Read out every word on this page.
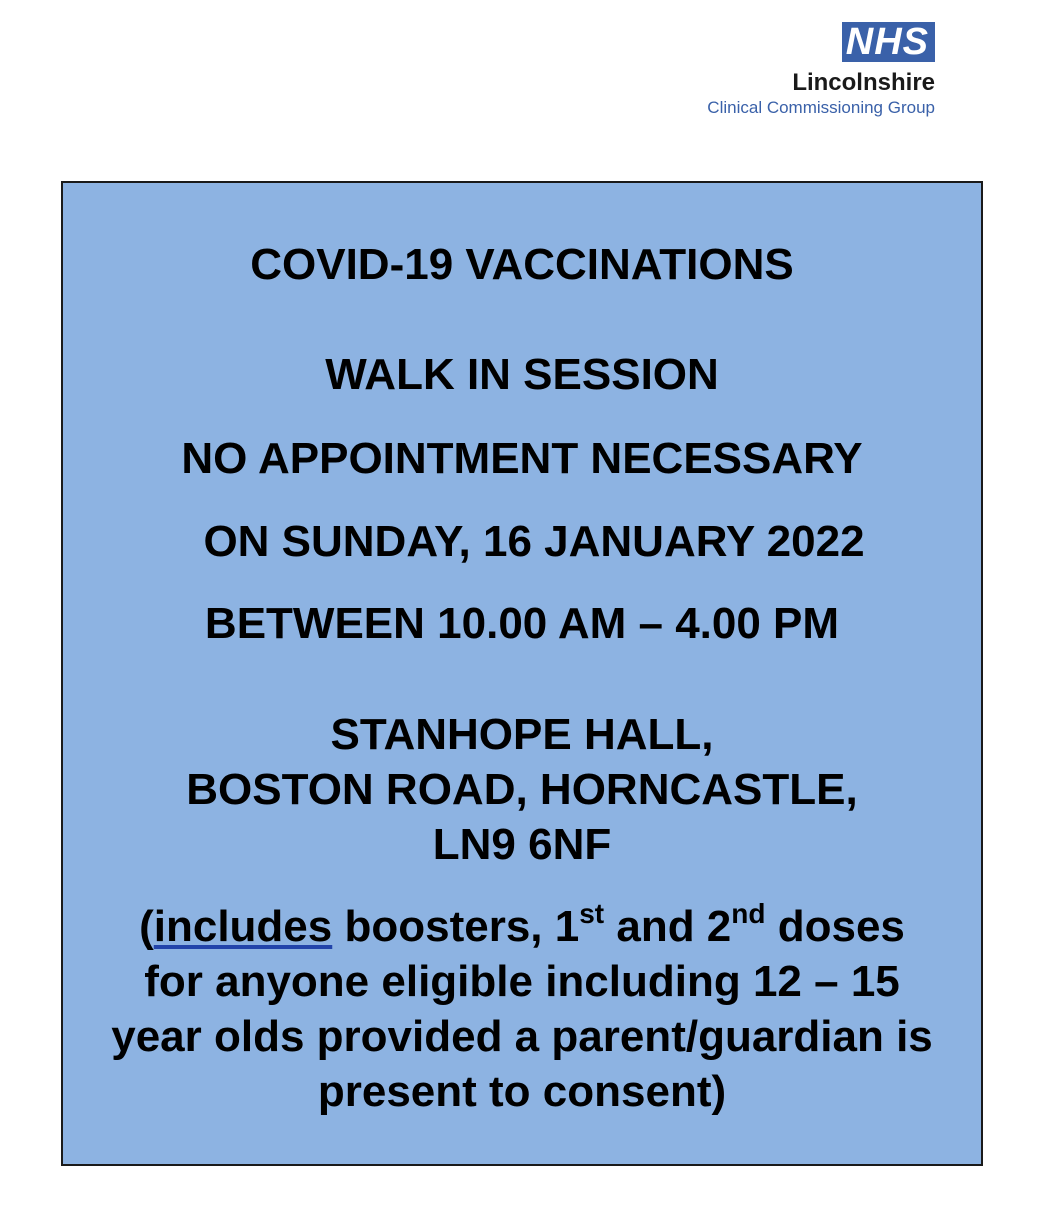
NHS
Lincolnshire
Clinical Commissioning Group
COVID-19 VACCINATIONS
WALK IN SESSION
NO APPOINTMENT NECESSARY
ON SUNDAY, 16 JANUARY 2022
BETWEEN 10.00 AM – 4.00 PM
STANHOPE HALL,
BOSTON ROAD, HORNCASTLE,
LN9 6NF
(includes boosters, 1st and 2nd doses
for anyone eligible including 12 – 15
year olds provided a parent/guardian is
present to consent)
